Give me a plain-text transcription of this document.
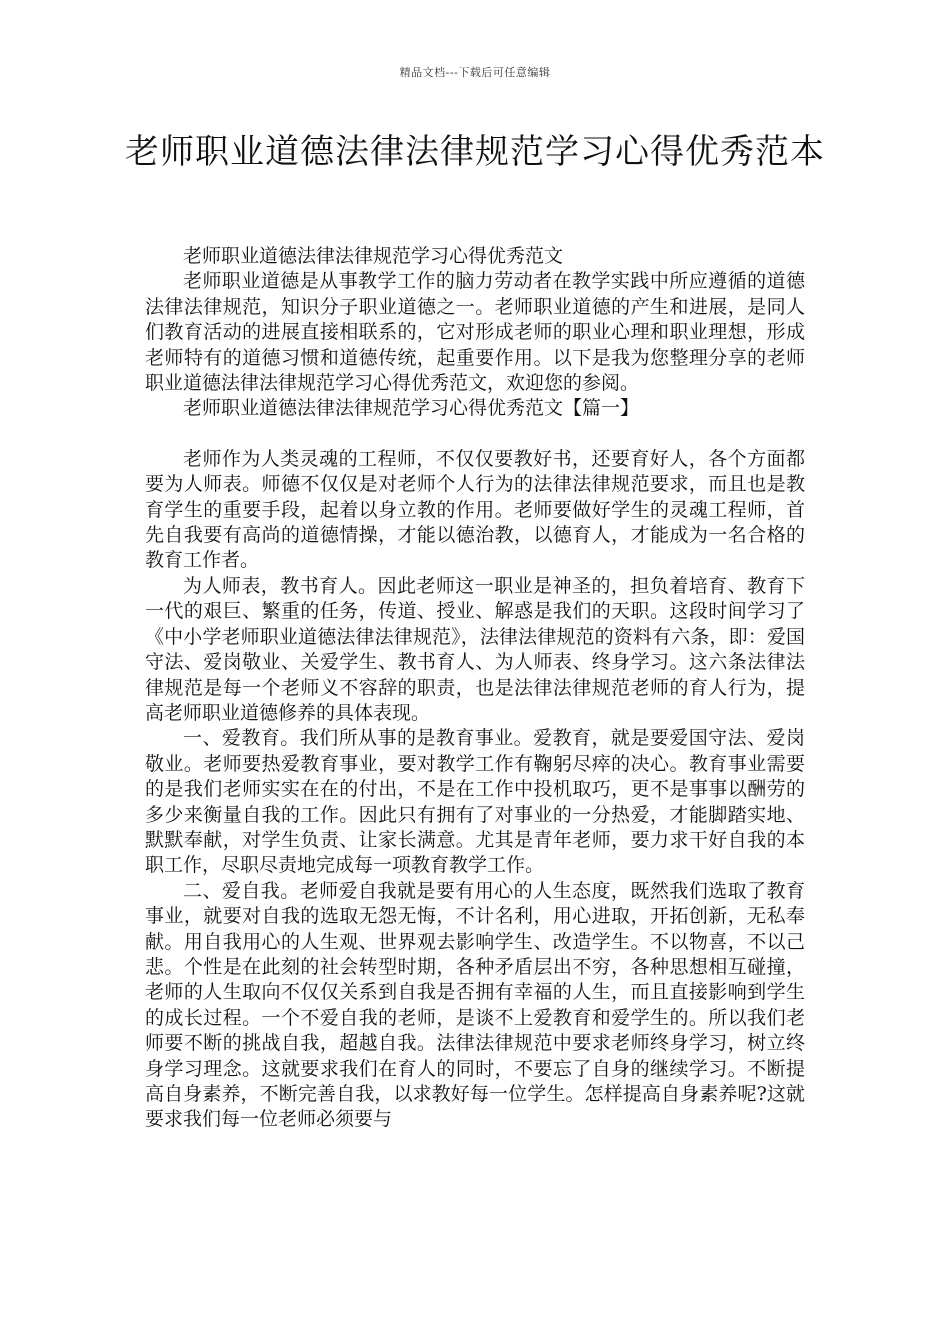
精品文档---下载后可任意编辑
老师职业道德法律法律规范学习心得优秀范本

老师职业道德法律法律规范学习心得优秀范文

老师职业道德是从事教学工作的脑力劳动者在教学实践中所应遵循的道德法律法律规范，知识分子职业道德之一。老师职业道德的产生和进展，是同人们教育活动的进展直接相联系的，它对形成老师的职业心理和职业理想，形成老师特有的道德习惯和道德传统，起重要作用。以下是我为您整理分享的老师职业道德法律法律规范学习心得优秀范文，欢迎您的参阅。

老师职业道德法律法律规范学习心得优秀范文【篇一】

老师作为人类灵魂的工程师，不仅仅要教好书，还要育好人，各个方面都要为人师表。师德不仅仅是对老师个人行为的法律法律规范要求，而且也是教育学生的重要手段，起着以身立教的作用。老师要做好学生的灵魂工程师，首先自我要有高尚的道德情操，才能以德治教，以德育人，才能成为一名合格的教育工作者。

为人师表，教书育人。因此老师这一职业是神圣的，担负着培育、教育下一代的艰巨、繁重的任务，传道、授业、解惑是我们的天职。这段时间学习了《中小学老师职业道德法律法律规范》，法律法律规范的资料有六条，即：爱国守法、爱岗敬业、关爱学生、教书育人、为人师表、终身学习。这六条法律法律规范是每一个老师义不容辞的职责，也是法律法律规范老师的育人行为，提高老师职业道德修养的具体表现。

一、爱教育。我们所从事的是教育事业。爱教育，就是要爱国守法、爱岗敬业。老师要热爱教育事业，要对教学工作有鞠躬尽瘁的决心。教育事业需要的是我们老师实实在在的付出，不是在工作中投机取巧，更不是事事以酬劳的多少来衡量自我的工作。因此只有拥有了对事业的一分热爱，才能脚踏实地、默默奉献，对学生负责、让家长满意。尤其是青年老师，要力求干好自我的本职工作，尽职尽责地完成每一项教育教学工作。

二、爱自我。老师爱自我就是要有用心的人生态度，既然我们选取了教育事业，就要对自我的选取无怨无悔，不计名利，用心进取，开拓创新，无私奉献。用自我用心的人生观、世界观去影响学生、改造学生。不以物喜，不以己悲。个性是在此刻的社会转型时期，各种矛盾层出不穷，各种思想相互碰撞，老师的人生取向不仅仅关系到自我是否拥有幸福的人生，而且直接影响到学生的成长过程。一个不爱自我的老师，是谈不上爱教育和爱学生的。所以我们老师要不断的挑战自我，超越自我。法律法律规范中要求老师终身学习，树立终身学习理念。这就要求我们在育人的同时，不要忘了自身的继续学习。不断提高自身素养，不断完善自我，以求教好每一位学生。怎样提高自身素养呢?这就要求我们每一位老师必须要与
